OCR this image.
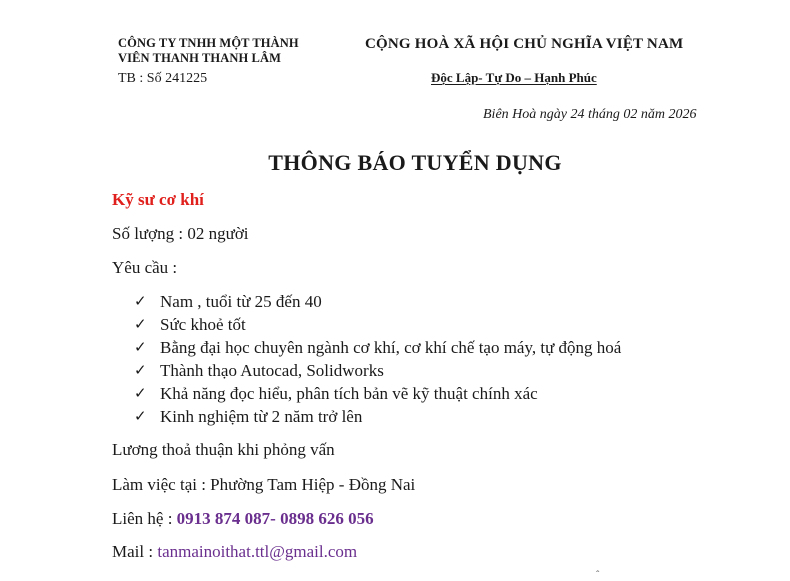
CÔNG TY TNHH MỘT THÀNH
VIÊN THANH THANH LÂM
TB : Số 241225
CỘNG HOÀ XÃ HỘI CHỦ NGHĨA VIỆT NAM
Độc Lập- Tự Do – Hạnh Phúc
Biên Hoà ngày 24 tháng 02 năm 2026
THÔNG BÁO TUYỂN DỤNG
Kỹ sư cơ khí
Số lượng : 02 người
Yêu cầu :
✓ Nam , tuổi từ 25 đến 40
✓ Sức khoẻ tốt
✓ Bằng đại học chuyên ngành cơ khí, cơ khí chế tạo máy, tự động hoá
✓ Thành thạo Autocad, Solidworks
✓ Khả năng đọc hiểu, phân tích bản vẽ kỹ thuật chính xác
✓ Kinh nghiệm từ 2 năm trở lên
Lương thoả thuận khi phỏng vấn
Làm việc tại : Phường Tam Hiệp - Đồng Nai
Liên hệ : 0913 874 087- 0898 626 056
Mail : tanmainoithat.ttl@gmail.com
ˆ
